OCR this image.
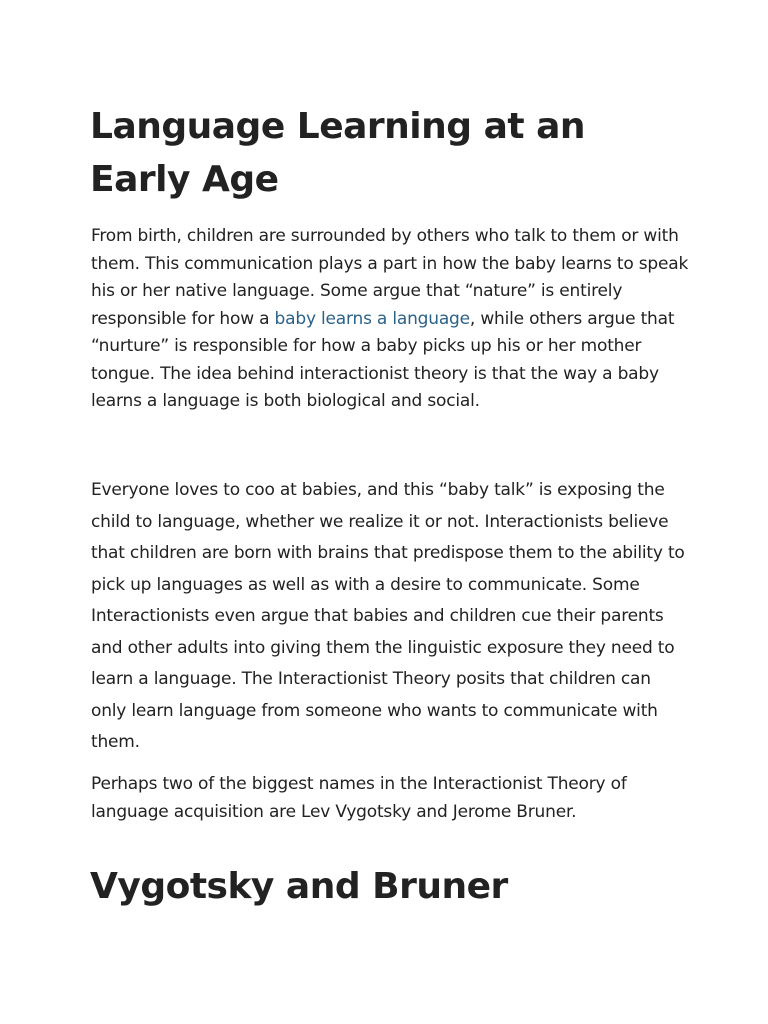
Language Learning at an Early Age

From birth, children are surrounded by others who talk to them or with them. This communication plays a part in how the baby learns to speak his or her native language. Some argue that “nature” is entirely responsible for how a baby learns a language, while others argue that “nurture” is responsible for how a baby picks up his or her mother tongue. The idea behind interactionist theory is that the way a baby learns a language is both biological and social.

Everyone loves to coo at babies, and this “baby talk” is exposing the child to language, whether we realize it or not. Interactionists believe that children are born with brains that predispose them to the ability to pick up languages as well as with a desire to communicate. Some Interactionists even argue that babies and children cue their parents and other adults into giving them the linguistic exposure they need to learn a language. The Interactionist Theory posits that children can only learn language from someone who wants to communicate with them.

Perhaps two of the biggest names in the Interactionist Theory of language acquisition are Lev Vygotsky and Jerome Bruner.

Vygotsky and Bruner
